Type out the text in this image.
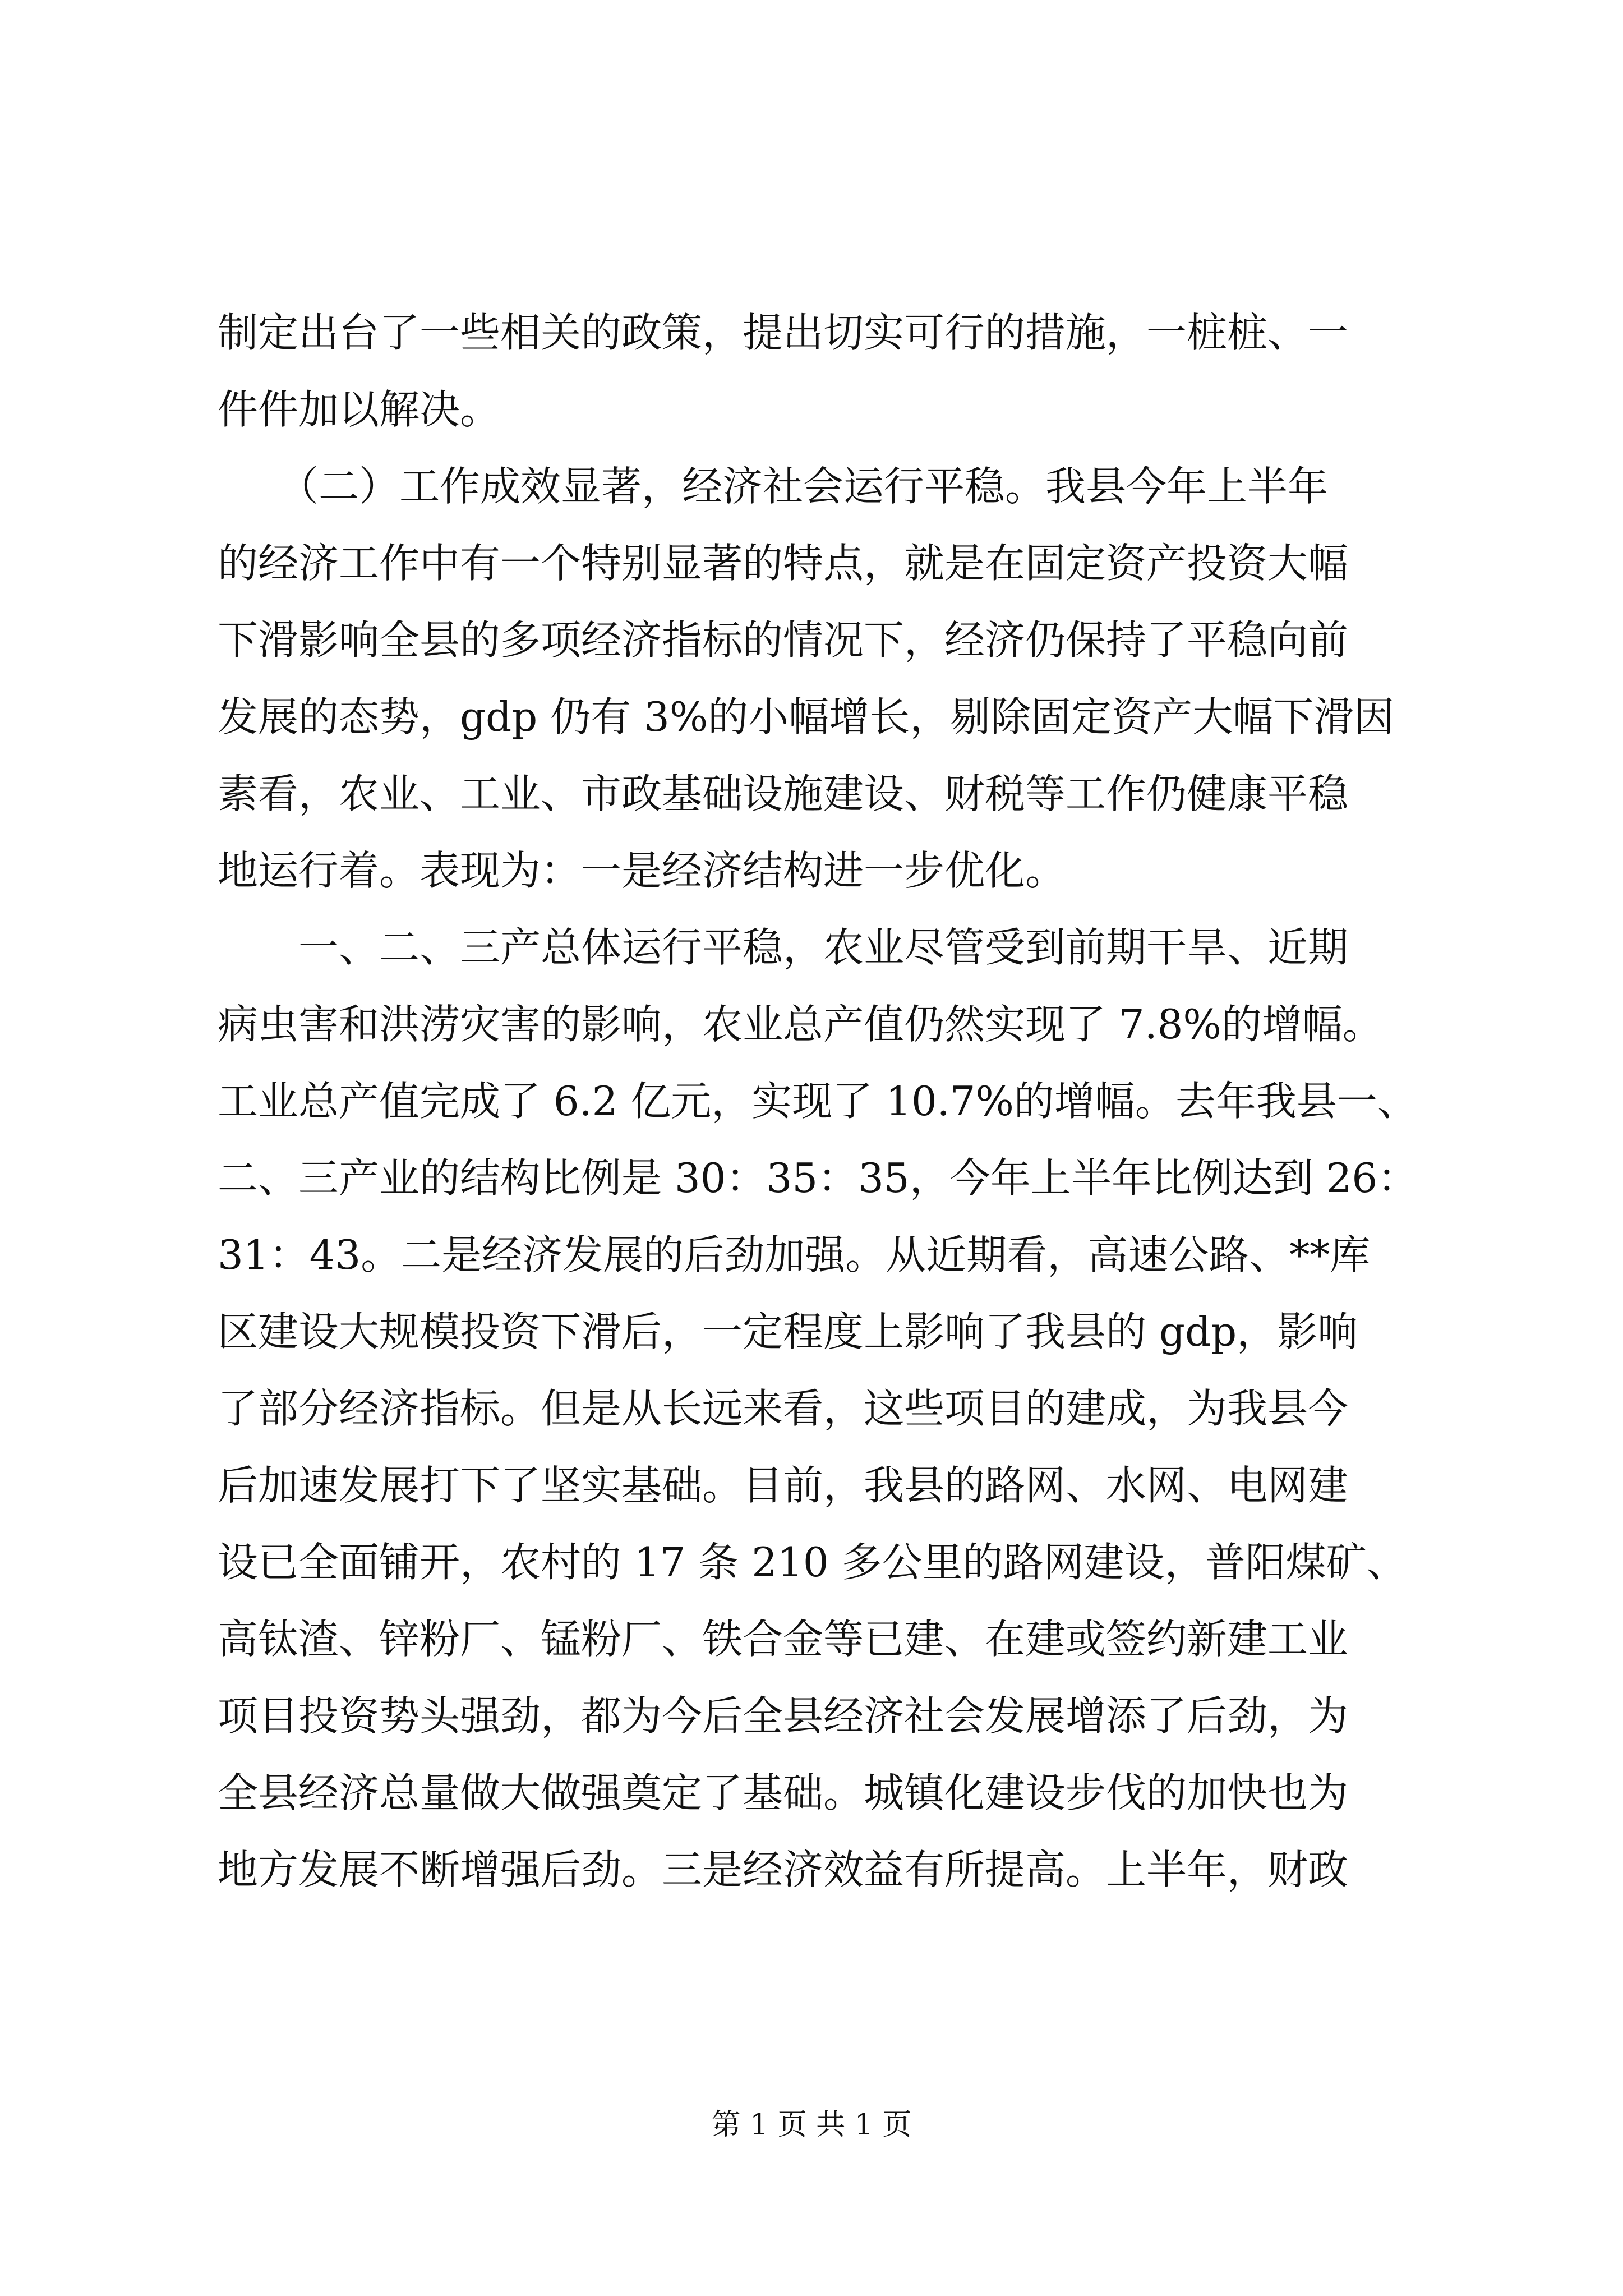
制定出台了一些相关的政策，提出切实可行的措施，一桩桩、一
件件加以解决。
　　（二）工作成效显著，经济社会运行平稳。我县今年上半年
的经济工作中有一个特别显著的特点，就是在固定资产投资大幅
下滑影响全县的多项经济指标的情况下，经济仍保持了平稳向前
发展的态势，gdp 仍有 3%的小幅增长，剔除固定资产大幅下滑因
素看，农业、工业、市政基础设施建设、财税等工作仍健康平稳
地运行着。表现为：一是经济结构进一步优化。
　　一、二、三产总体运行平稳，农业尽管受到前期干旱、近期
病虫害和洪涝灾害的影响，农业总产值仍然实现了 7.8%的增幅。
工业总产值完成了 6.2 亿元，实现了 10.7%的增幅。去年我县一、
二、三产业的结构比例是 30：35：35，今年上半年比例达到 26：
31：43。二是经济发展的后劲加强。从近期看，高速公路、**库
区建设大规模投资下滑后，一定程度上影响了我县的 gdp，影响
了部分经济指标。但是从长远来看，这些项目的建成，为我县今
后加速发展打下了坚实基础。目前，我县的路网、水网、电网建
设已全面铺开，农村的 17 条 210 多公里的路网建设，普阳煤矿、
高钛渣、锌粉厂、锰粉厂、铁合金等已建、在建或签约新建工业
项目投资势头强劲，都为今后全县经济社会发展增添了后劲，为
全县经济总量做大做强奠定了基础。城镇化建设步伐的加快也为
地方发展不断增强后劲。三是经济效益有所提高。上半年，财政
第 1 页 共 1 页
